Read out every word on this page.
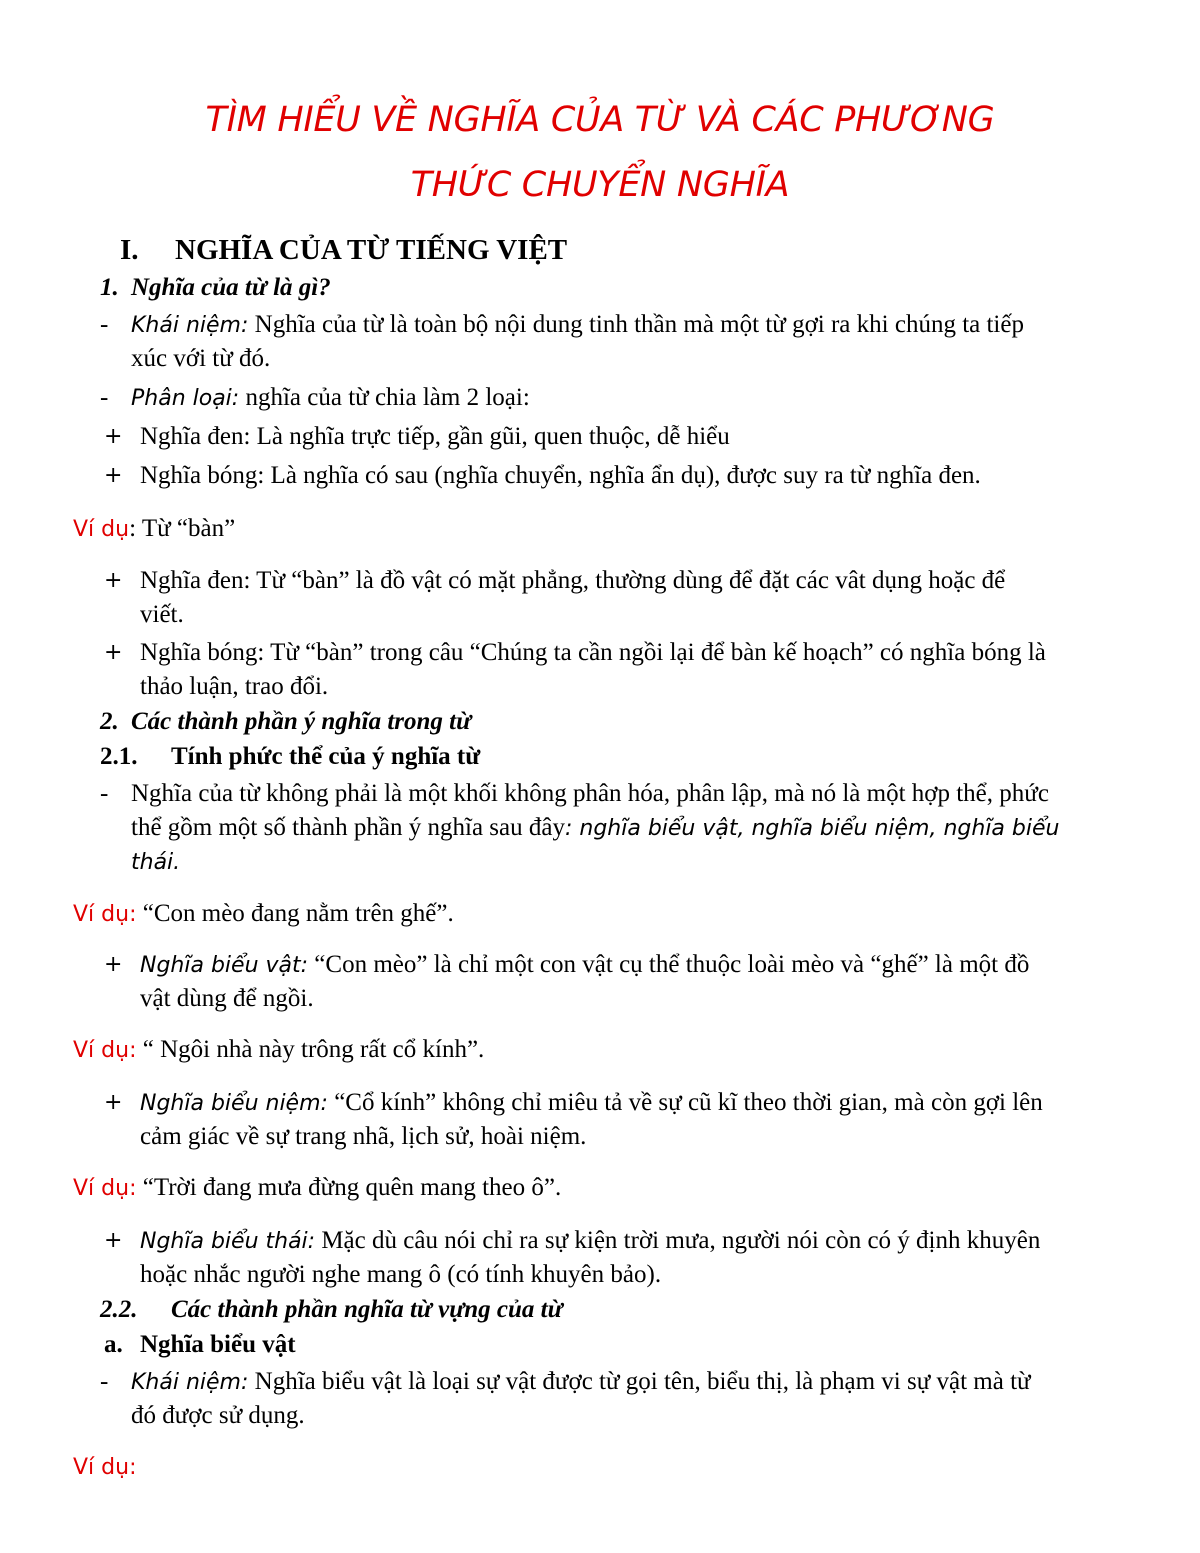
TÌM HIỂU VỀ NGHĨA CỦA TỪ VÀ CÁC PHƯƠNG
THỨC CHUYỂN NGHĨA
I. NGHĨA CỦA TỪ TIẾNG VIỆT
1. Nghĩa của từ là gì?
- Khái niệm: Nghĩa của từ là toàn bộ nội dung tinh thần mà một từ gợi ra khi chúng ta tiếp
xúc với từ đó.
- Phân loại: nghĩa của từ chia làm 2 loại:
+ Nghĩa đen: Là nghĩa trực tiếp, gần gũi, quen thuộc, dễ hiểu
+ Nghĩa bóng: Là nghĩa có sau (nghĩa chuyển, nghĩa ẩn dụ), được suy ra từ nghĩa đen.
Ví dụ: Từ “bàn”
+ Nghĩa đen: Từ “bàn” là đồ vật có mặt phẳng, thường dùng để đặt các vât dụng hoặc để
viết.
+ Nghĩa bóng: Từ “bàn” trong câu “Chúng ta cần ngồi lại để bàn kế hoạch” có nghĩa bóng là
thảo luận, trao đổi.
2. Các thành phần ý nghĩa trong từ
2.1. Tính phức thể của ý nghĩa từ
- Nghĩa của từ không phải là một khối không phân hóa, phân lập, mà nó là một hợp thể, phức
thể gồm một số thành phần ý nghĩa sau đây: nghĩa biểu vật, nghĩa biểu niệm, nghĩa biểu
thái.
Ví dụ: “Con mèo đang nằm trên ghế”.
+ Nghĩa biểu vật: “Con mèo” là chỉ một con vật cụ thể thuộc loài mèo và “ghế” là một đồ
vật dùng để ngồi.
Ví dụ: “ Ngôi nhà này trông rất cổ kính”.
+ Nghĩa biểu niệm: “Cổ kính” không chỉ miêu tả về sự cũ kĩ theo thời gian, mà còn gợi lên
cảm giác về sự trang nhã, lịch sử, hoài niệm.
Ví dụ: “Trời đang mưa đừng quên mang theo ô”.
+ Nghĩa biểu thái: Mặc dù câu nói chỉ ra sự kiện trời mưa, người nói còn có ý định khuyên
hoặc nhắc người nghe mang ô (có tính khuyên bảo).
2.2. Các thành phần nghĩa từ vựng của từ
a. Nghĩa biểu vật
- Khái niệm: Nghĩa biểu vật là loại sự vật được từ gọi tên, biểu thị, là phạm vi sự vật mà từ
đó được sử dụng.
Ví dụ:
